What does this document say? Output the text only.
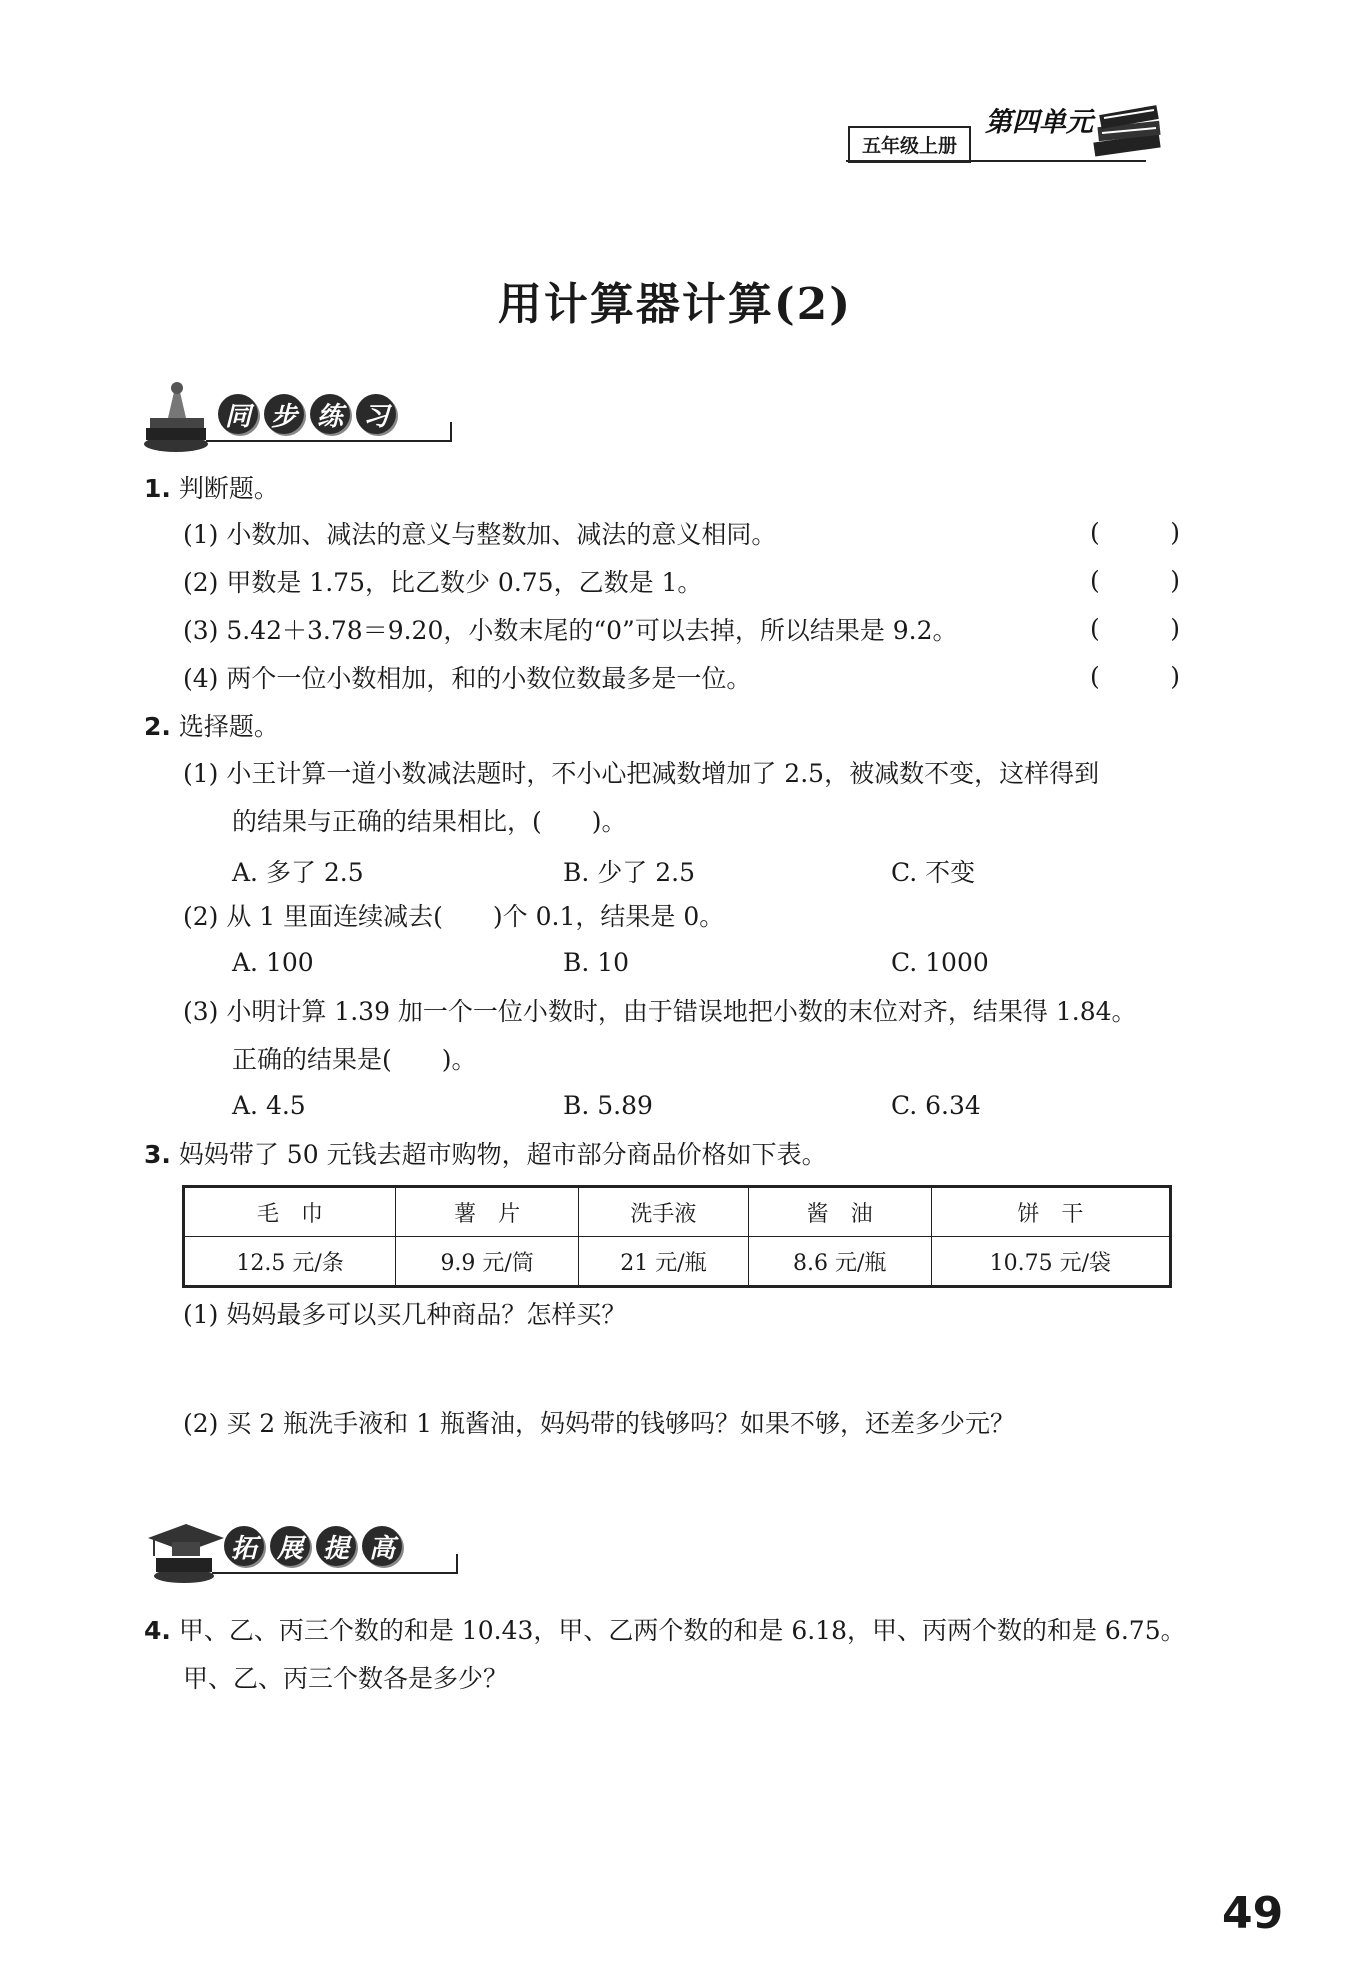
五年级上册
第四单元
用计算器计算(2)
同 步 练 习
1. 判断题。
(1) 小数加、减法的意义与整数加、减法的意义相同。
(2) 甲数是 1.75，比乙数少 0.75，乙数是 1。
(3) 5.42＋3.78＝9.20，小数末尾的“0”可以去掉，所以结果是 9.2。
(4) 两个一位小数相加，和的小数位数最多是一位。
(	)
(	)
(	)
(	)
2. 选择题。
(1) 小王计算一道小数减法题时，不小心把减数增加了 2.5，被减数不变，这样得到
的结果与正确的结果相比，(　　)。
A. 多了 2.5	B. 少了 2.5	C. 不变
(2) 从 1 里面连续减去(　　)个 0.1，结果是 0。
A. 100	B. 10	C. 1000
(3) 小明计算 1.39 加一个一位小数时，由于错误地把小数的末位对齐，结果得 1.84。
正确的结果是(　　)。
A. 4.5	B. 5.89	C. 6.34
3. 妈妈带了 50 元钱去超市购物，超市部分商品价格如下表。
毛　巾	薯　片	洗手液	酱　油	饼　干
12.5 元/条	9.9 元/筒	21 元/瓶	8.6 元/瓶	10.75 元/袋
(1) 妈妈最多可以买几种商品？怎样买？
(2) 买 2 瓶洗手液和 1 瓶酱油，妈妈带的钱够吗？如果不够，还差多少元？
拓 展 提 高
4. 甲、乙、丙三个数的和是 10.43，甲、乙两个数的和是 6.18，甲、丙两个数的和是 6.75。
甲、乙、丙三个数各是多少？
49
